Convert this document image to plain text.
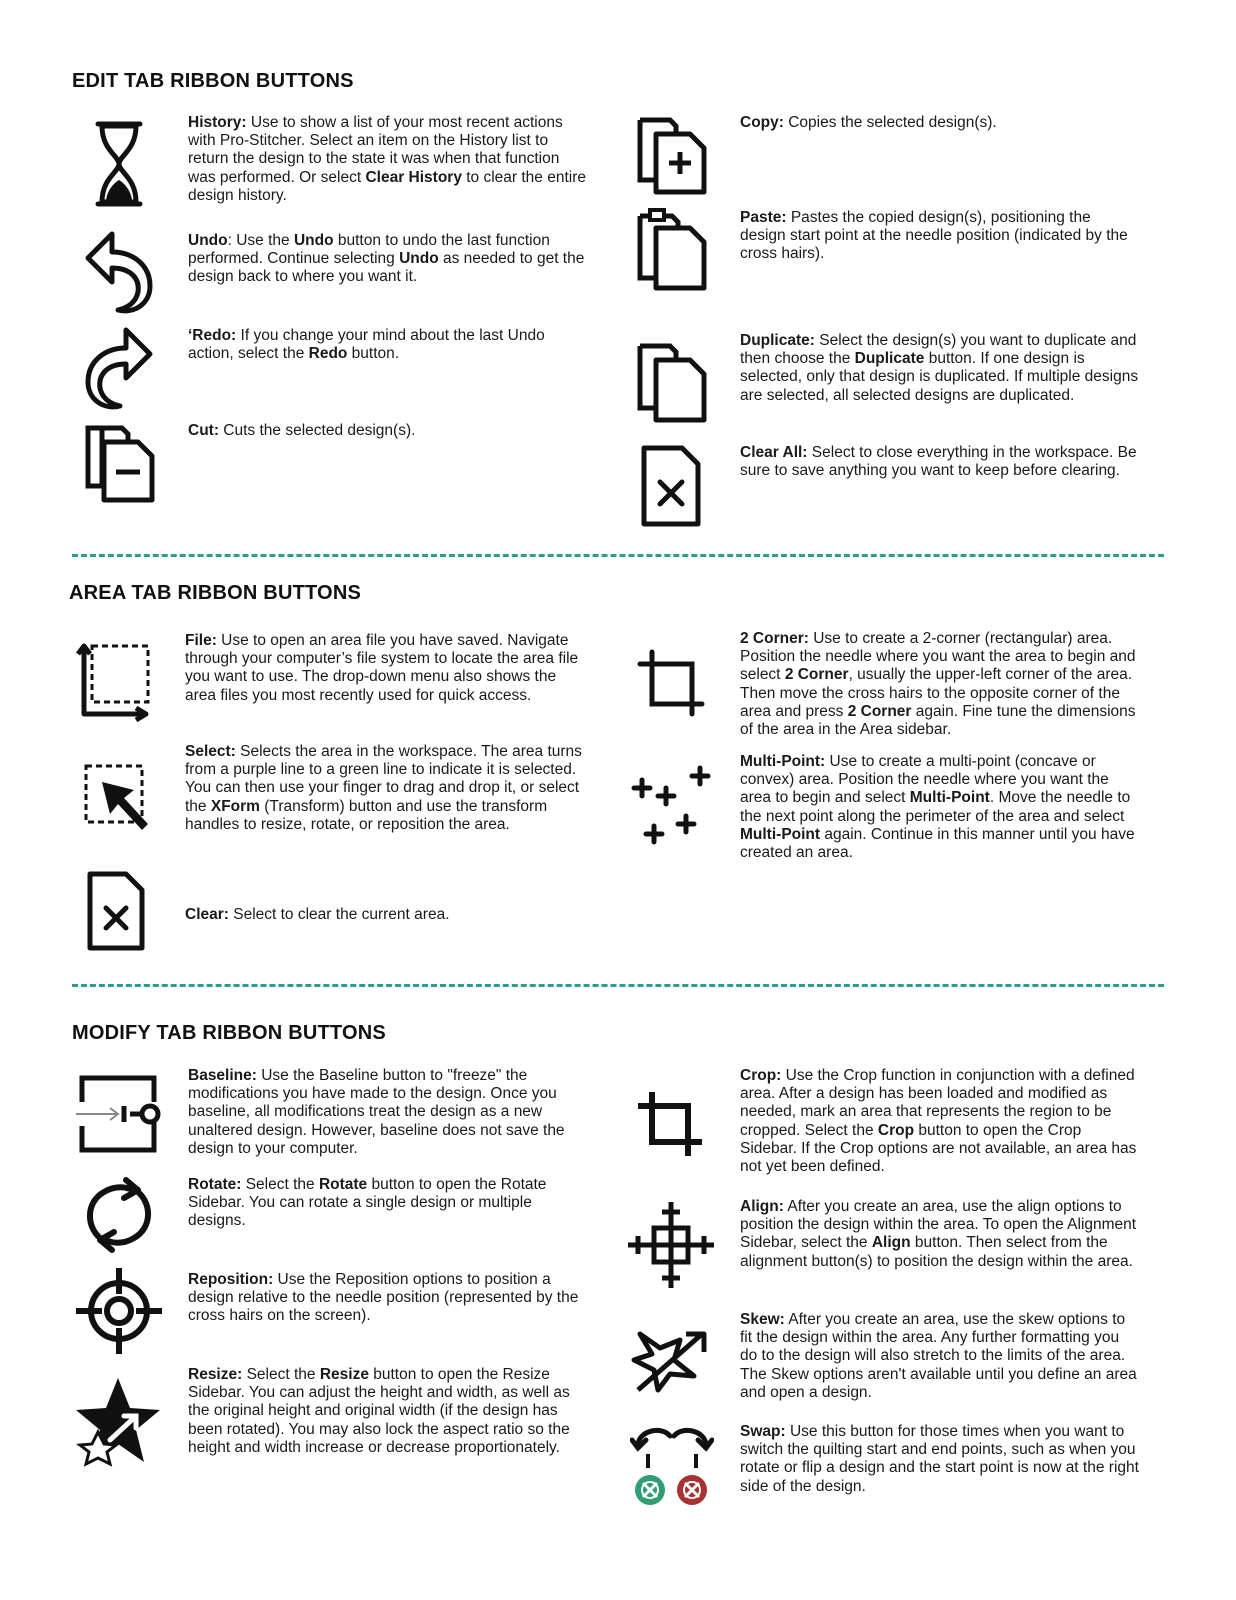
EDIT TAB RIBBON BUTTONS
History: Use to show a list of your most recent actions with Pro-Stitcher. Select an item on the History list to return the design to the state it was when that function was performed. Or select Clear History to clear the entire design history.
Undo: Use the Undo button to undo the last function performed. Continue selecting Undo as needed to get the design back to where you want it.
‘Redo: If you change your mind about the last Undo action, select the Redo button.
Cut: Cuts the selected design(s).
Copy: Copies the selected design(s).
Paste: Pastes the copied design(s), positioning the design start point at the needle position (indicated by the cross hairs).
Duplicate: Select the design(s) you want to duplicate and then choose the Duplicate button. If one design is selected, only that design is duplicated. If multiple designs are selected, all selected designs are duplicated.
Clear All: Select to close everything in the workspace. Be sure to save anything you want to keep before clearing.
AREA TAB RIBBON BUTTONS
File: Use to open an area file you have saved. Navigate through your computer’s file system to locate the area file you want to use. The drop-down menu also shows the area files you most recently used for quick access.
Select: Selects the area in the workspace. The area turns from a purple line to a green line to indicate it is selected. You can then use your finger to drag and drop it, or select the XForm (Transform) button and use the transform handles to resize, rotate, or reposition the area.
Clear: Select to clear the current area.
2 Corner: Use to create a 2-corner (rectangular) area. Position the needle where you want the area to begin and select 2 Corner, usually the upper-left corner of the area. Then move the cross hairs to the opposite corner of the area and press 2 Corner again. Fine tune the dimensions of the area in the Area sidebar.
Multi-Point: Use to create a multi-point (concave or convex) area. Position the needle where you want the area to begin and select Multi-Point. Move the needle to the next point along the perimeter of the area and select Multi-Point again. Continue in this manner until you have created an area.
MODIFY TAB RIBBON BUTTONS
Baseline: Use the Baseline button to "freeze" the modifications you have made to the design. Once you baseline, all modifications treat the design as a new unaltered design. However, baseline does not save the design to your computer.
Rotate: Select the Rotate button to open the Rotate Sidebar. You can rotate a single design or multiple designs.
Reposition: Use the Reposition options to position a design relative to the needle position (represented by the cross hairs on the screen).
Resize: Select the Resize button to open the Resize Sidebar. You can adjust the height and width, as well as the original height and original width (if the design has been rotated). You may also lock the aspect ratio so the height and width increase or decrease proportionately.
Crop: Use the Crop function in conjunction with a defined area. After a design has been loaded and modified as needed, mark an area that represents the region to be cropped. Select the Crop button to open the Crop Sidebar. If the Crop options are not available, an area has not yet been defined.
Align: After you create an area, use the align options to position the design within the area. To open the Alignment Sidebar, select the Align button. Then select from the alignment button(s) to position the design within the area.
Skew: After you create an area, use the skew options to fit the design within the area. Any further formatting you do to the design will also stretch to the limits of the area. The Skew options aren't available until you define an area and open a design.
Swap: Use this button for those times when you want to switch the quilting start and end points, such as when you rotate or flip a design and the start point is now at the right side of the design.
